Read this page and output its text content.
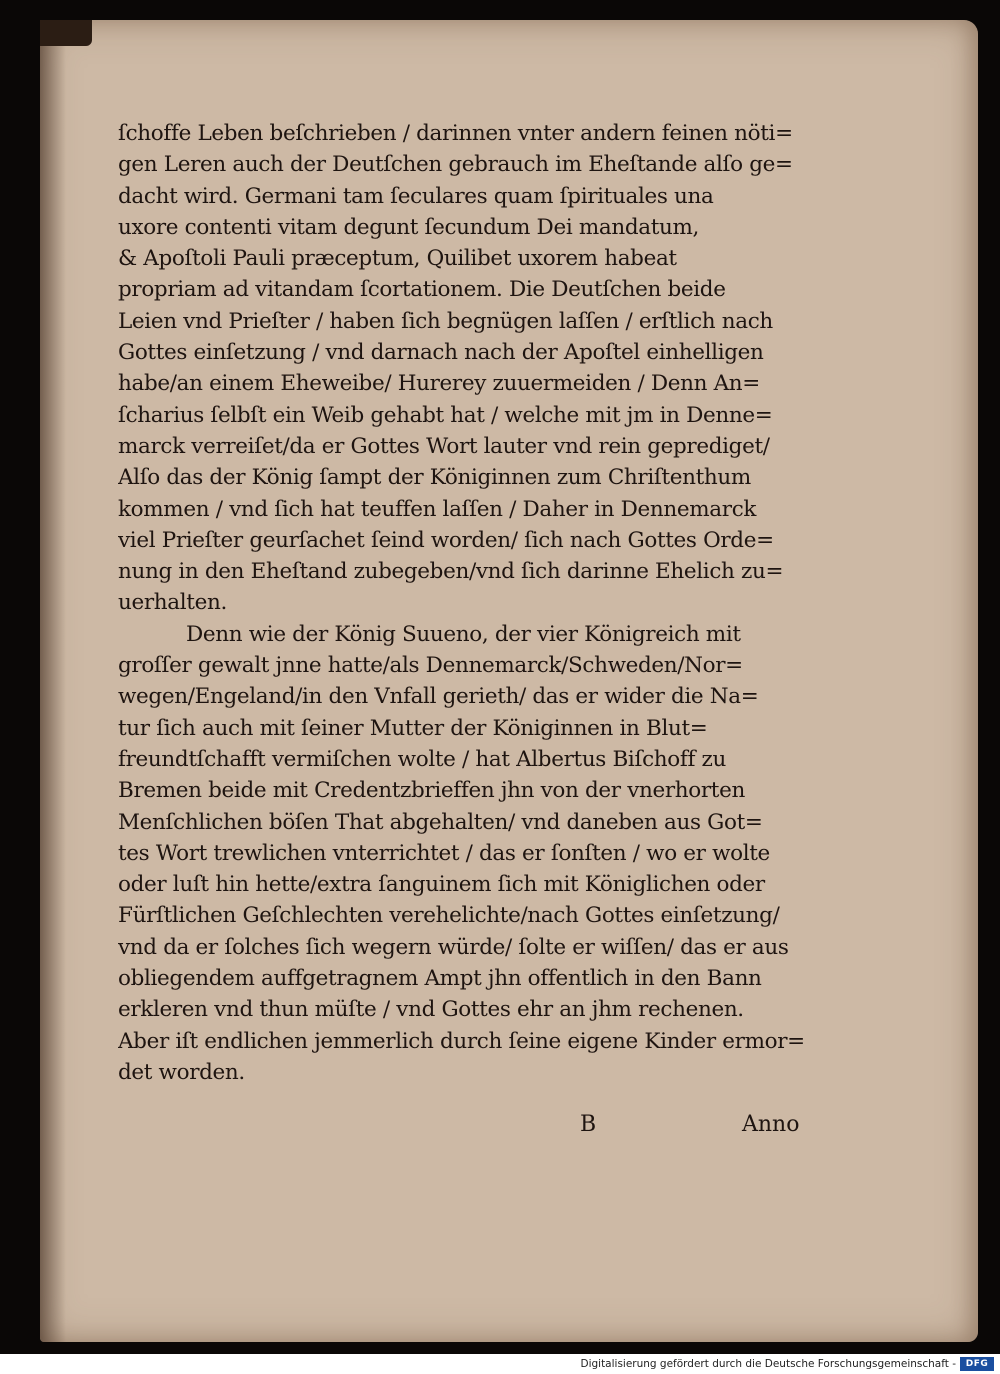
ſchoffe Leben beſchrieben / darinnen vnter andern feinen nöti=
gen Leren auch der Deutſchen gebrauch im Eheſtande alſo ge=
dacht wird. Germani tam ſeculares quam ſpirituales una
uxore contenti vitam degunt ſecundum Dei mandatum,
& Apoſtoli Pauli præceptum, Quilibet uxorem habeat
propriam ad vitandam ſcortationem. Die Deutſchen beide
Leien vnd Prieſter / haben ſich begnügen laſſen / erſtlich nach
Gottes einſetzung / vnd darnach nach der Apoſtel einhelligen
habe/an einem Eheweibe/ Hurerey zuuermeiden / Denn An=
ſcharius ſelbſt ein Weib gehabt hat / welche mit jm in Denne=
marck verreiſet/da er Gottes Wort lauter vnd rein geprediget/
Alſo das der König ſampt der Königinnen zum Chriſtenthum
kommen / vnd ſich hat teuffen laſſen / Daher in Dennemarck
viel Prieſter geurſachet ſeind worden/ ſich nach Gottes Orde=
nung in den Eheſtand zubegeben/vnd ſich darinne Ehelich zu=
uerhalten.
Denn wie der König Suueno, der vier Königreich mit
groſſer gewalt jnne hatte/als Dennemarck/Schweden/Nor=
wegen/Engeland/in den Vnfall gerieth/ das er wider die Na=
tur ſich auch mit ſeiner Mutter der Königinnen in Blut=
freundtſchafft vermiſchen wolte / hat Albertus Biſchoff zu
Bremen beide mit Credentzbrieffen jhn von der vnerhorten
Menſchlichen böſen That abgehalten/ vnd daneben aus Got=
tes Wort trewlichen vnterrichtet / das er ſonſten / wo er wolte
oder luſt hin hette/extra ſanguinem ſich mit Königlichen oder
Fürſtlichen Geſchlechten verehelichte/nach Gottes einſetzung/
vnd da er ſolches ſich wegern würde/ ſolte er wiſſen/ das er aus
obliegendem auffgetragnem Ampt jhn offentlich in den Bann
erkleren vnd thun müſte / vnd Gottes ehr an jhm rechenen.
Aber iſt endlichen jemmerlich durch ſeine eigene Kinder ermor=
det worden.
B	Anno
Digitalisierung gefördert durch die Deutsche Forschungsgemeinschaft -	DFG
